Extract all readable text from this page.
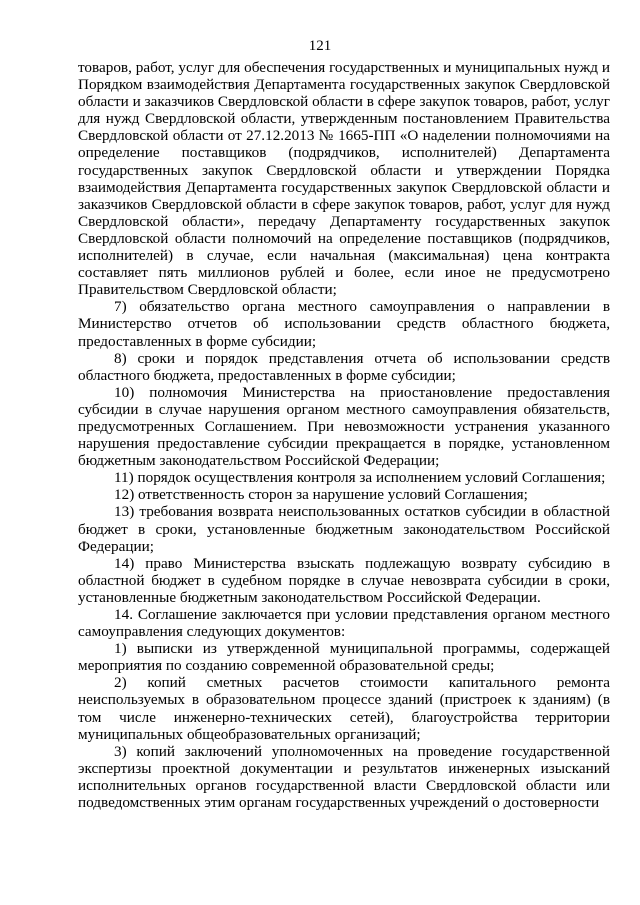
121

товаров, работ, услуг для обеспечения государственных и муниципальных нужд и Порядком взаимодействия Департамента государственных закупок Свердловской области и заказчиков Свердловской области в сфере закупок товаров, работ, услуг для нужд Свердловской области, утвержденным постановлением Правительства Свердловской области от 27.12.2013 № 1665-ПП «О наделении полномочиями на определение поставщиков (подрядчиков, исполнителей) Департамента государственных закупок Свердловской области и утверждении Порядка взаимодействия Департамента государственных закупок Свердловской области и заказчиков Свердловской области в сфере закупок товаров, работ, услуг для нужд Свердловской области», передачу Департаменту государственных закупок Свердловской области полномочий на определение поставщиков (подрядчиков, исполнителей) в случае, если начальная (максимальная) цена контракта составляет пять миллионов рублей и более, если иное не предусмотрено Правительством Свердловской области;

7) обязательство органа местного самоуправления о направлении в Министерство отчетов об использовании средств областного бюджета, предоставленных в форме субсидии;

8) сроки и порядок представления отчета об использовании средств областного бюджета, предоставленных в форме субсидии;

10) полномочия Министерства на приостановление предоставления субсидии в случае нарушения органом местного самоуправления обязательств, предусмотренных Соглашением. При невозможности устранения указанного нарушения предоставление субсидии прекращается в порядке, установленном бюджетным законодательством Российской Федерации;

11) порядок осуществления контроля за исполнением условий Соглашения;

12) ответственность сторон за нарушение условий Соглашения;

13) требования возврата неиспользованных остатков субсидии в областной бюджет в сроки, установленные бюджетным законодательством Российской Федерации;

14) право Министерства взыскать подлежащую возврату субсидию в областной бюджет в судебном порядке в случае невозврата субсидии в сроки, установленные бюджетным законодательством Российской Федерации.

14. Соглашение заключается при условии представления органом местного самоуправления следующих документов:

1) выписки из утвержденной муниципальной программы, содержащей мероприятия по созданию современной образовательной среды;

2) копий сметных расчетов стоимости капитального ремонта неиспользуемых в образовательном процессе зданий (пристроек к зданиям) (в том числе инженерно-технических сетей), благоустройства территории муниципальных общеобразовательных организаций;

3) копий заключений уполномоченных на проведение государственной экспертизы проектной документации и результатов инженерных изысканий исполнительных органов государственной власти Свердловской области или подведомственных этим органам государственных учреждений о достоверности
